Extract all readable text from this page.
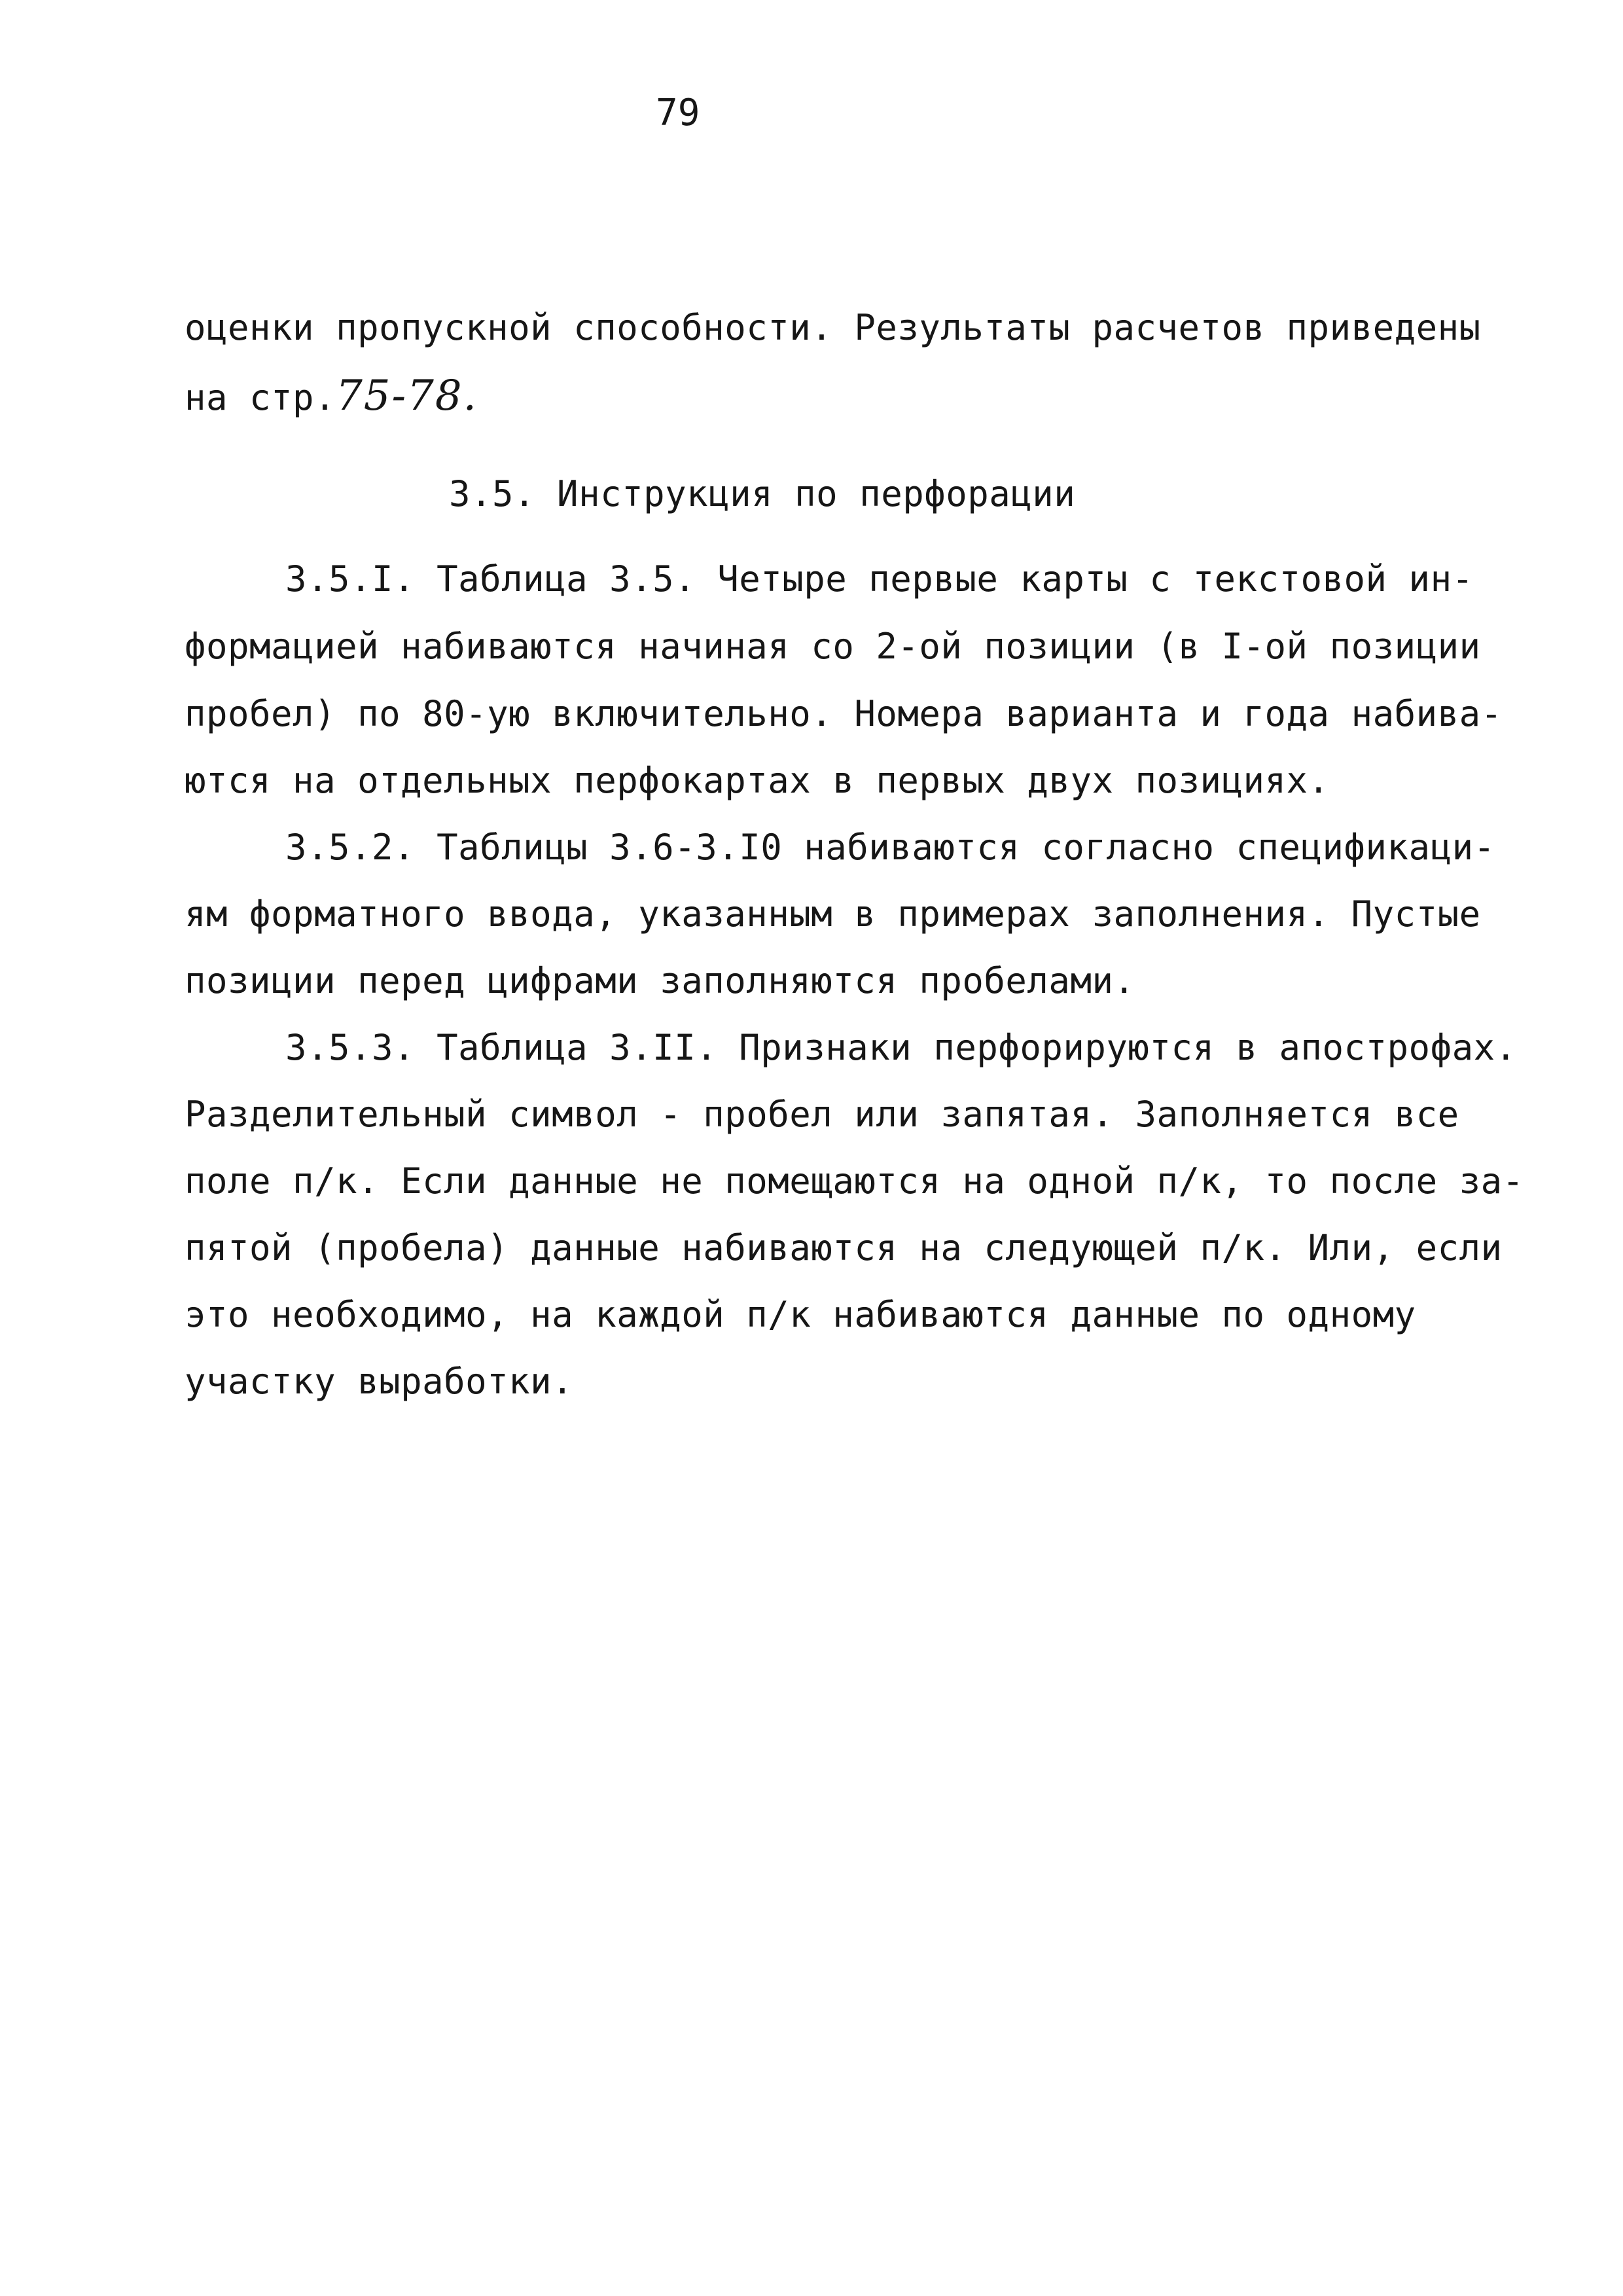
79
оценки пропускной способности. Результаты расчетов приведены
на стр.75-78.
3.5. Инструкция по перфорации
3.5.I. Таблица 3.5. Четыре первые карты с текстовой ин-
формацией набиваются начиная со 2-ой позиции (в I-ой позиции
пробел) по 80-ую включительно. Номера варианта и года набива-
ются на отдельных перфокартах в первых двух позициях.
3.5.2. Таблицы 3.6-3.I0 набиваются согласно спецификаци-
ям форматного ввода, указанным в примерах заполнения. Пустые
позиции перед цифрами заполняются пробелами.
3.5.3. Таблица 3.II. Признаки перфорируются в апострофах.
Разделительный символ - пробел или запятая. Заполняется все
поле п/к. Если данные не помещаются на одной п/к, то после за-
пятой (пробела) данные набиваются на следующей п/к. Или, если
это необходимо, на каждой п/к набиваются данные по одному
участку выработки.
